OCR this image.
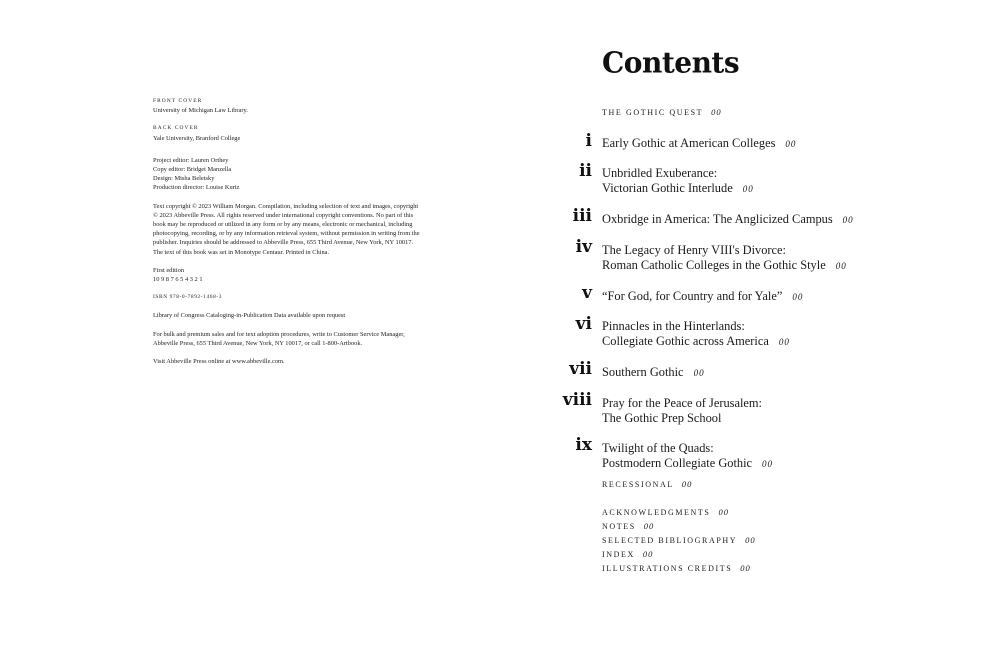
FRONT COVER
University of Michigan Law Library.
BACK COVER
Yale University, Branford College
Project editor: Lauren Orthey
Copy editor: Bridget Manzella
Design: Misha Beletsky
Production director: Louise Kurtz
Text copyright © 2023 William Morgan. Compilation, including selection of text and images, copyright © 2023 Abbeville Press. All rights reserved under international copyright conventions. No part of this book may be reproduced or utilized in any form or by any means, electronic or mechanical, including photocopying, recording, or by any information retrieval system, without permission in writing from the publisher. Inquiries should be addressed to Abbeville Press, 655 Third Avenue, New York, NY 10017. The text of this book was set in Monotype Centaur. Printed in China.
First edition
10 9 8 7 6 5 4 3 2 1
ISBN 978-0-7892-1468-3
Library of Congress Cataloging-in-Publication Data available upon request
For bulk and premium sales and for text adoption procedures, write to Customer Service Manager, Abbeville Press, 655 Third Avenue, New York, NY 10017, or call 1-800-Artbook.
Visit Abbeville Press online at www.abbeville.com.
Contents
THE GOTHIC QUEST 00
i Early Gothic at American Colleges 00
ii Unbridled Exuberance:
Victorian Gothic Interlude 00
iii Oxbridge in America: The Anglicized Campus 00
iv The Legacy of Henry VIII's Divorce:
Roman Catholic Colleges in the Gothic Style 00
v “For God, for Country and for Yale” 00
vi Pinnacles in the Hinterlands:
Collegiate Gothic across America 00
vii Southern Gothic 00
viii Pray for the Peace of Jerusalem:
The Gothic Prep School
ix Twilight of the Quads:
Postmodern Collegiate Gothic 00
RECESSIONAL 00
ACKNOWLEDGMENTS 00
NOTES 00
SELECTED BIBLIOGRAPHY 00
INDEX 00
ILLUSTRATIONS CREDITS 00
